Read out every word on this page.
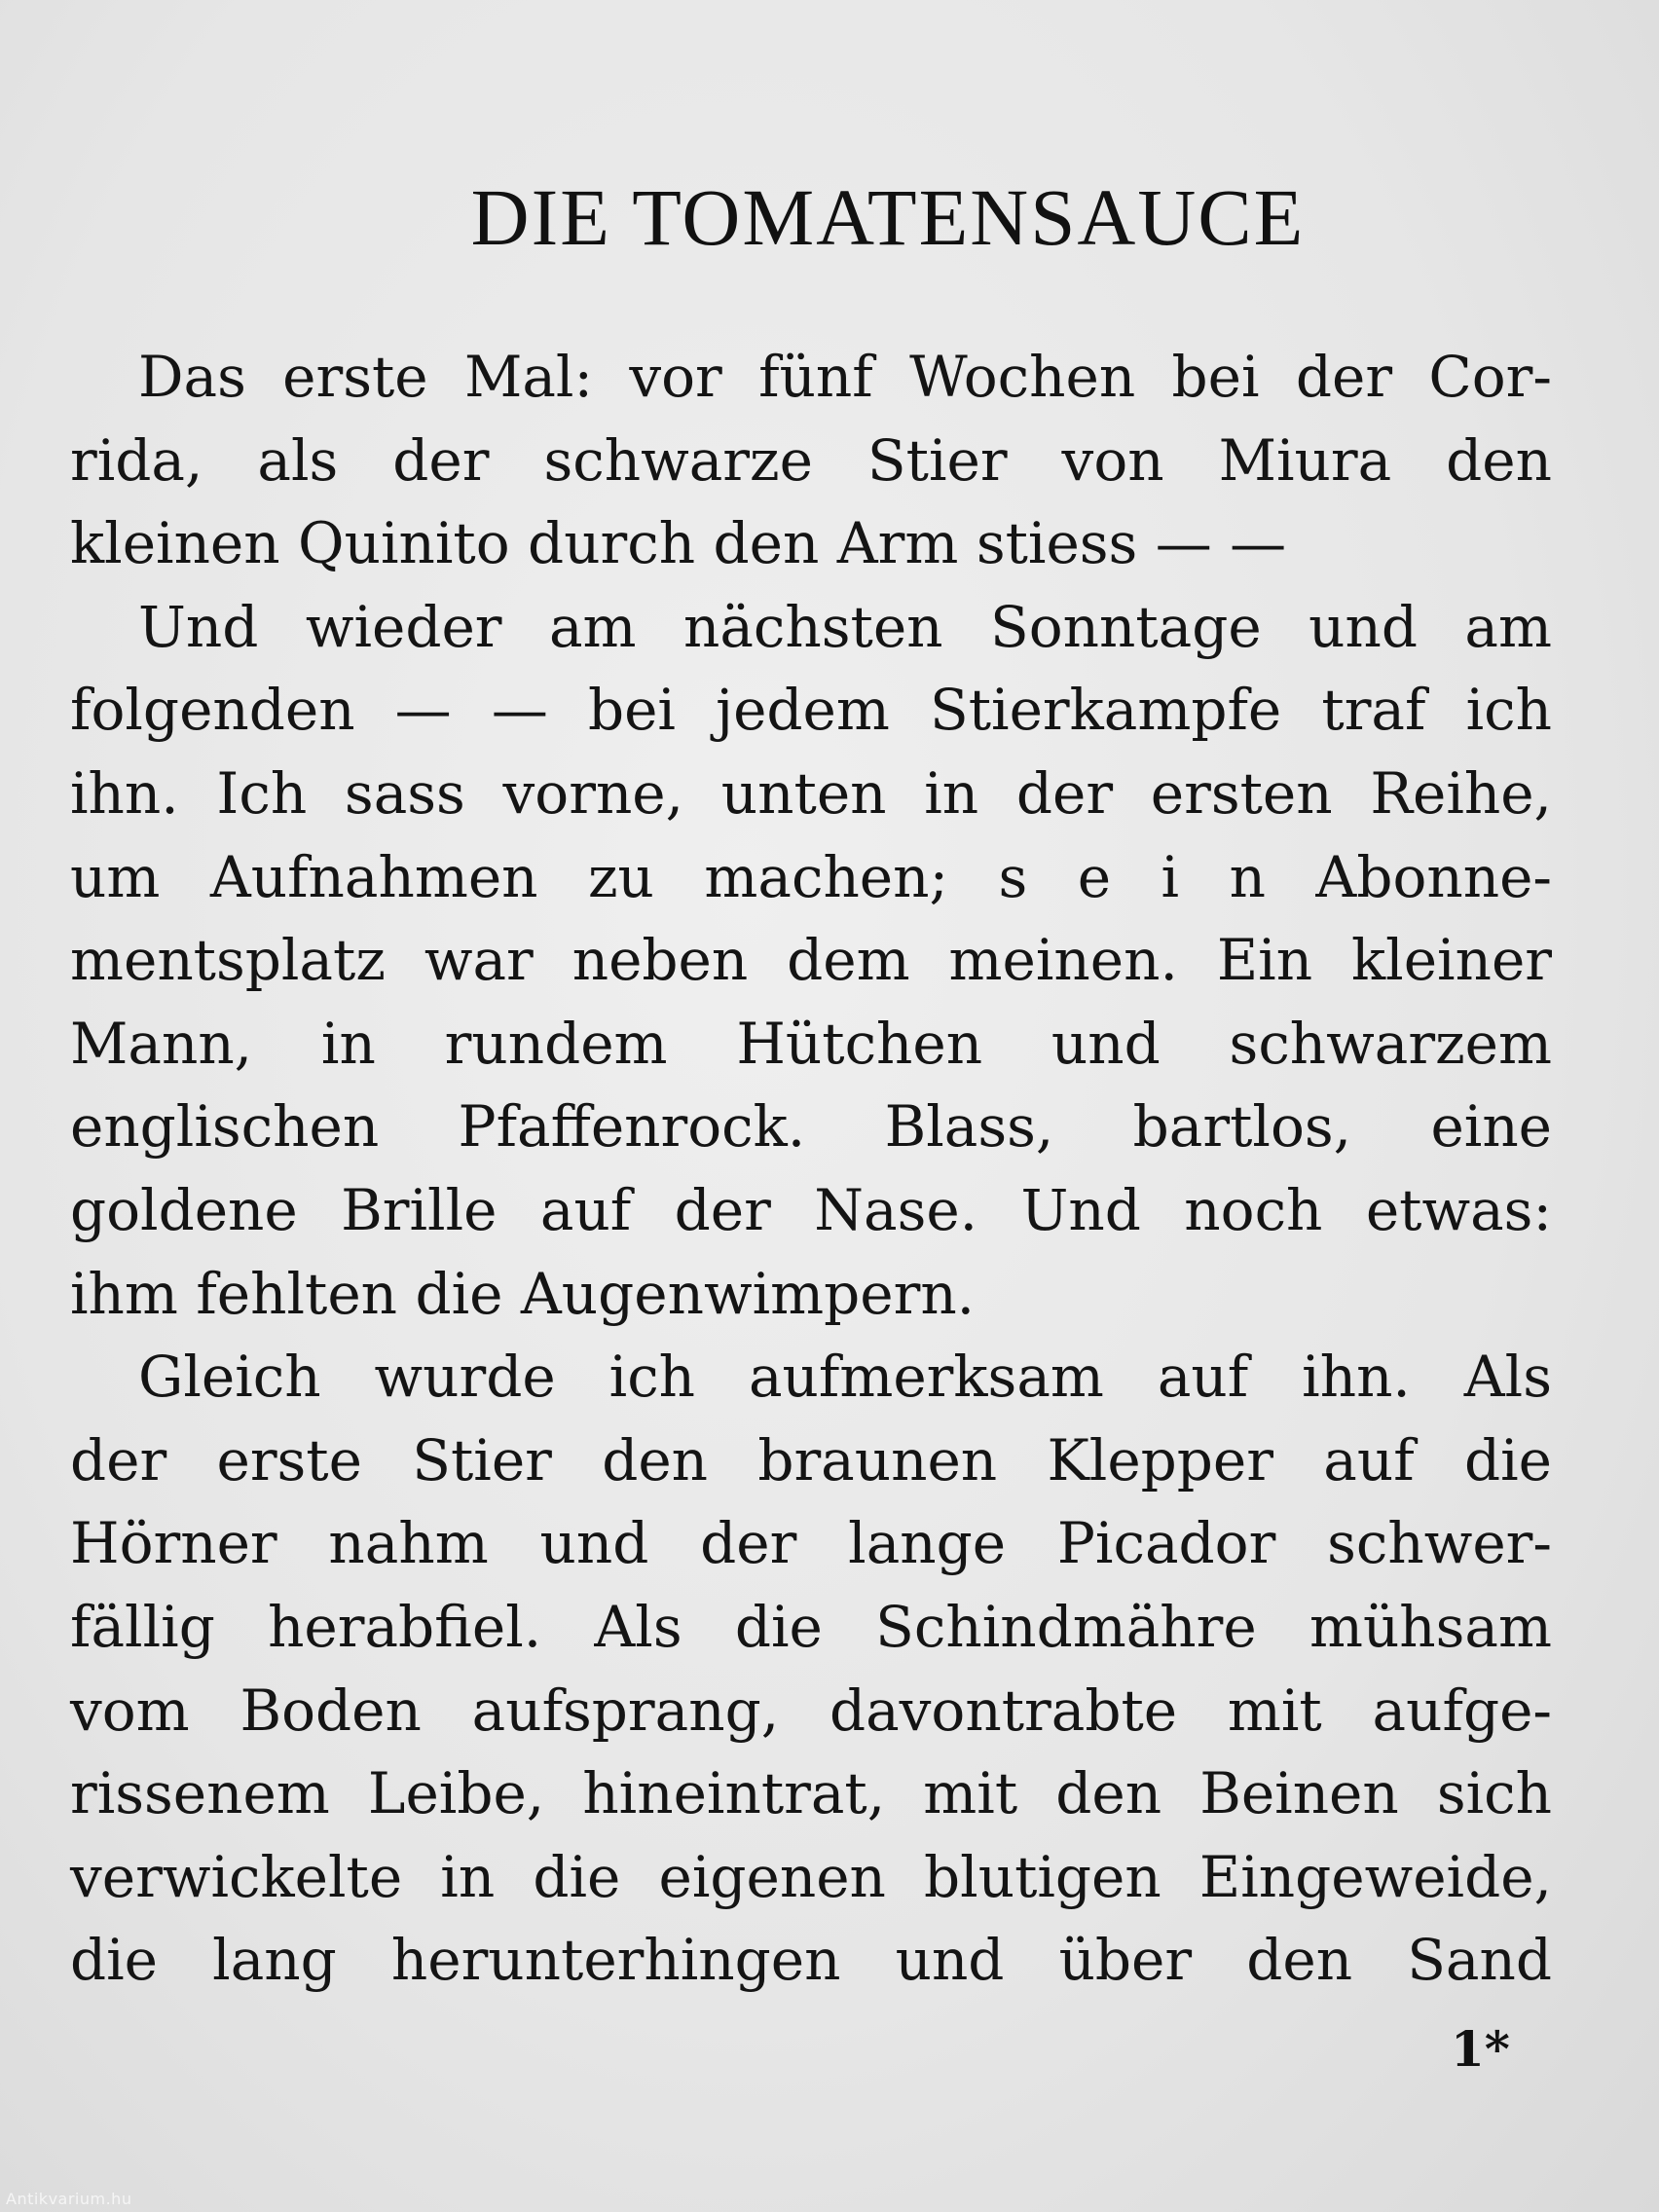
DIE TOMATENSAUCE
Das erste Mal: vor fünf Wochen bei der Cor-
rida, als der schwarze Stier von Miura den
kleinen Quinito durch den Arm stiess — —
Und wieder am nächsten Sonntage und am
folgenden — — bei jedem Stierkampfe traf ich
ihn. Ich sass vorne, unten in der ersten Reihe,
um Aufnahmen zu machen; s e i n Abonne-
mentsplatz war neben dem meinen. Ein kleiner
Mann, in rundem Hütchen und schwarzem
englischen Pfaffenrock. Blass, bartlos, eine
goldene Brille auf der Nase. Und noch etwas:
ihm fehlten die Augenwimpern.
Gleich wurde ich aufmerksam auf ihn. Als
der erste Stier den braunen Klepper auf die
Hörner nahm und der lange Picador schwer-
fällig herabfiel. Als die Schindmähre mühsam
vom Boden aufsprang, davontrabte mit aufge-
rissenem Leibe, hineintrat, mit den Beinen sich
verwickelte in die eigenen blutigen Eingeweide,
die lang herunterhingen und über den Sand
1*
Antikvarium.hu
